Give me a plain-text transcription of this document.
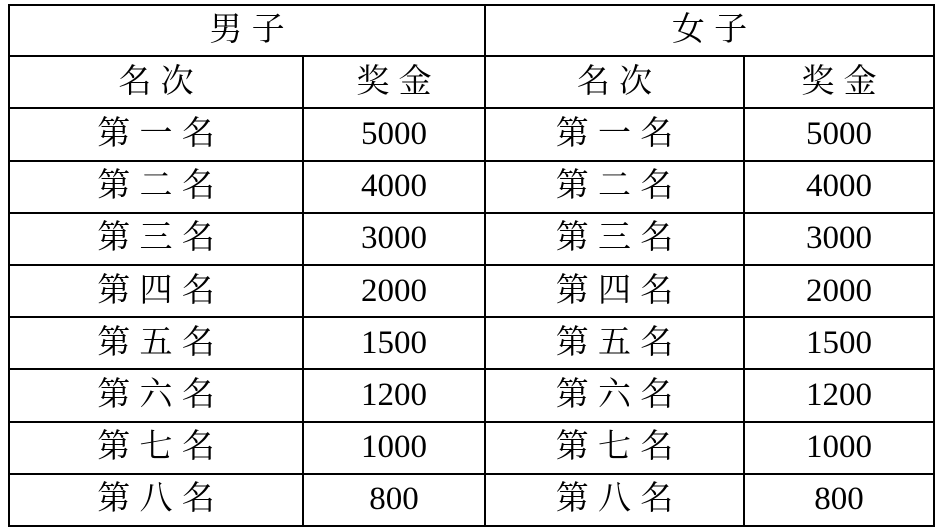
男子		女子	
名次	奖金	名次	奖金
第一名	5000	第一名	5000
第二名	4000	第二名	4000
第三名	3000	第三名	3000
第四名	2000	第四名	2000
第五名	1500	第五名	1500
第六名	1200	第六名	1200
第七名	1000	第七名	1000
第八名	800	第八名	800
